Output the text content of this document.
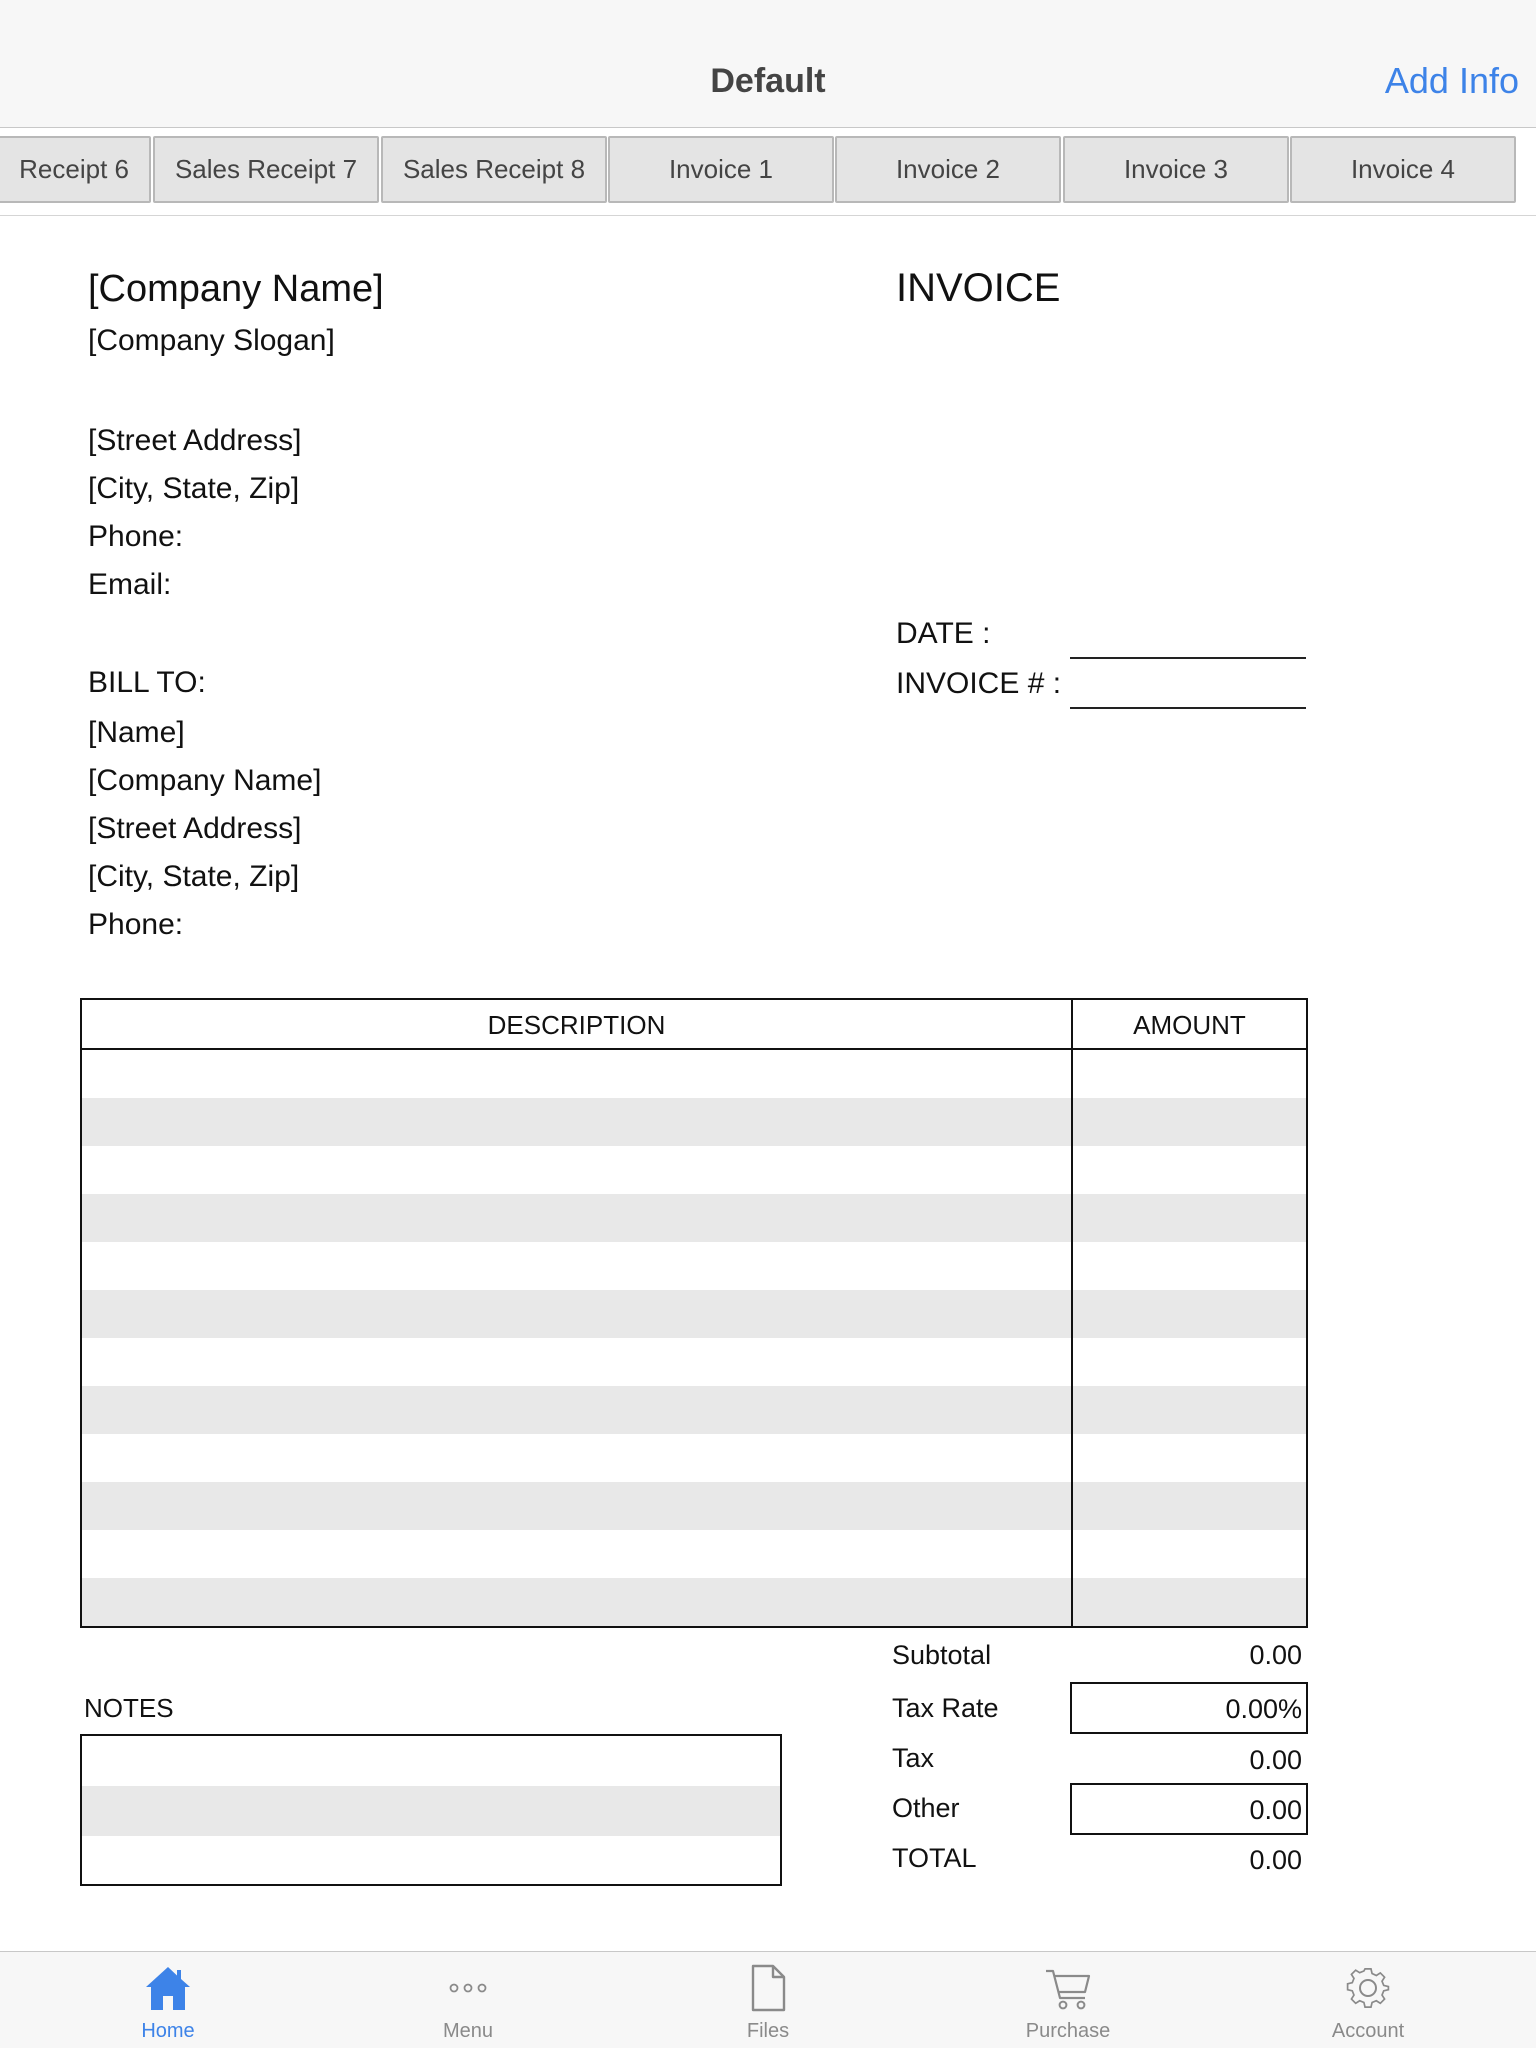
Default	Add Info
Receipt 6	Sales Receipt 7	Sales Receipt 8	Invoice 1	Invoice 2	Invoice 3	Invoice 4
[Company Name]
[Company Slogan]
[Street Address]
[City, State, Zip]
Phone:
Email:
INVOICE
DATE :
INVOICE # :
BILL TO:
[Name]
[Company Name]
[Street Address]
[City, State, Zip]
Phone:
DESCRIPTION	AMOUNT
Subtotal	0.00
Tax Rate	0.00%
Tax	0.00
Other	0.00
TOTAL	0.00
NOTES
Home	Menu	Files	Purchase	Account
